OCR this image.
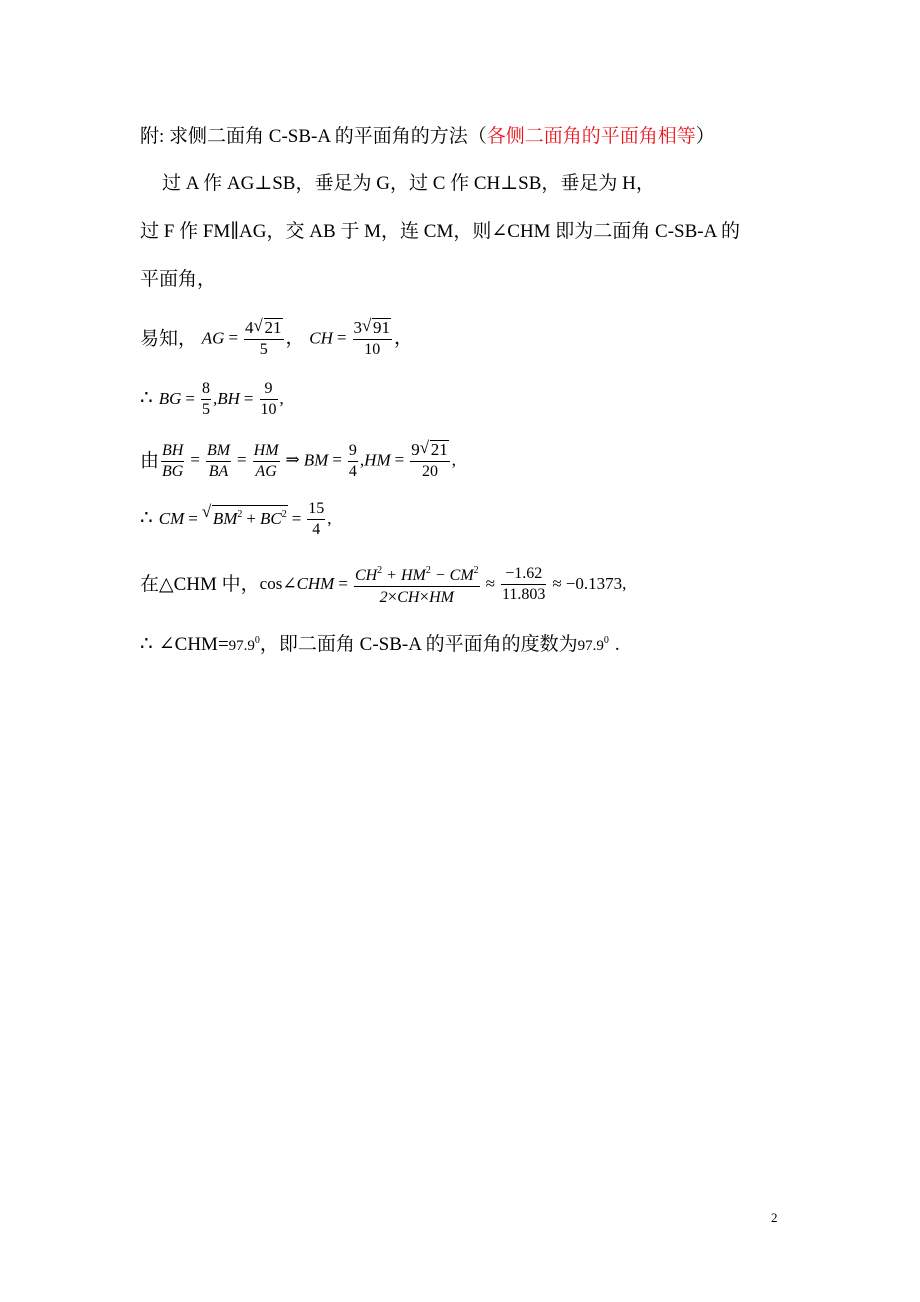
附: 求侧二面角 C-SB-A 的平面角的方法（各侧二面角的平面角相等）
过 A 作 AG⊥SB，垂足为 G，过 C 作 CH⊥SB，垂足为 H，
过 F 作 FM∥AG，交 AB 于 M，连 CM，则∠CHM 即为二面角 C-SB-A 的
平面角，
易知， AG = $\frac{4 √ 21}{5}$ ， CH = $\frac{3 √ 91}{10}$ ，
∴ BG = $\frac{8}{5} ,BH = \frac{9}{10}$ ,
由 $\frac{BH}{BG} = \frac{BM}{BA} = \frac{HM}{AG}$ ⇒ BM = $\frac{9}{4} ,HM = \frac{9 √ 21}{20}$ ,
∴ CM = √ $BM^2 + BC^2 = \frac{15}{4}$ ,
在△CHM 中，cos∠CHM = $\frac{CH^2 + HM^2 - CM^2}{2\times CH\times HM} \approx \frac{-1.62}{11.803} \approx -0.1373$,
∴ $\angle CHM=97.9^0$，即二面角 C-SB-A 的平面角的度数为97.9$^0$ .
2
